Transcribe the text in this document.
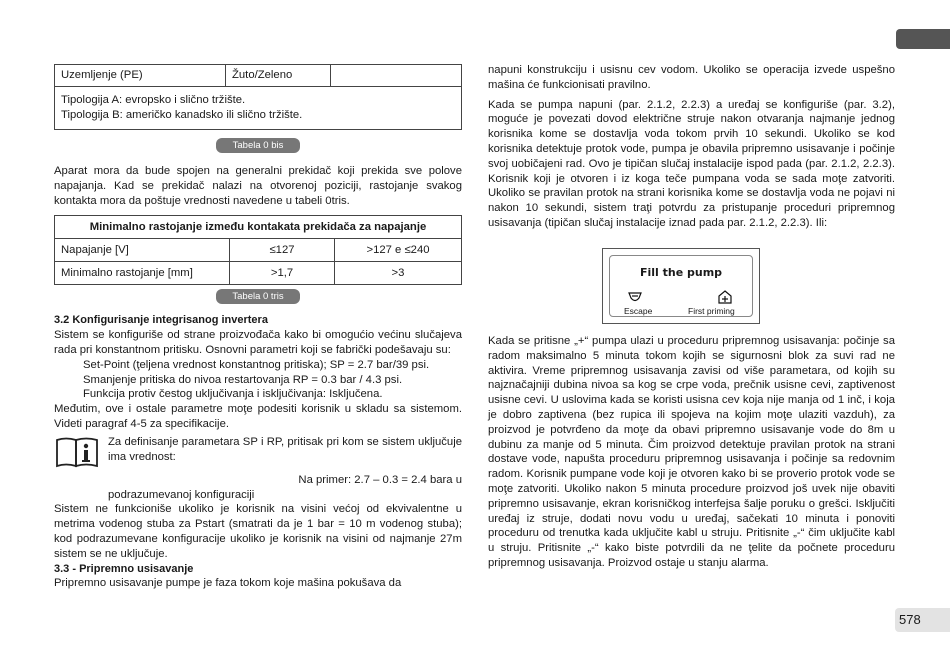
Uzemljenje (PE)	Žuto/Zeleno	
Tipologija A: evropsko i slično tržište.
Tipologija B: američko kanadsko ili slično tržište.
Tabela 0 bis

Aparat mora da bude spojen na generalni prekidač koji prekida sve polove napajanja. Kad se prekidač nalazi na otvorenoj poziciji, rastojanje svakog kontakta mora da poštuje vrednosti navedene u tabeli 0tris.

Minimalno rastojanje između kontakata prekidača za napajanje		
Napajanje [V]	≤127	>127 e ≤240
Minimalno rastojanje [mm]	>1,7	>3
Tabela 0 tris
3.2 Konfigurisanje integrisanog invertera

Sistem se konfiguriše od strane proizvođača kako bi omogućio većinu slučajeva rada pri konstantnom pritisku. Osnovni parametri koji se fabrički podešavaju su:

Set-Point (ţeljena vrednost konstantnog pritiska); SP = 2.7 bar/39 psi.
Smanjenje pritiska do nivoa restartovanja RP = 0.3 bar / 4.3 psi.
Funkcija protiv čestog uključivanja i isključivanja: Isključena.

Međutim, ove i ostale parametre moţe podesiti korisnik u skladu sa sistemom. Videti paragraf 4-5 za specifikacije.

Za definisanje parametara SP i RP, pritisak pri kom se sistem uključuje ima vrednost:

Na primer: 2.7 – 0.3 = 2.4 bara u

podrazumevanoj konfiguraciji

Sistem ne funkcioniše ukoliko je korisnik na visini većoj od ekvivalentne u metrima vodenog stuba za Pstart (smatrati da je 1 bar = 10 m vodenog stuba); kod podrazumevane konfiguracije ukoliko je korisnik na visini od najmanje 27m sistem se ne uključuje.

3.3 - Pripremno usisavanje

Pripremno usisavanje pumpe je faza tokom koje mašina pokušava da

napuni konstrukciju i usisnu cev vodom. Ukoliko se operacija izvede uspešno mašina će funkcionisati pravilno.

Kada se pumpa napuni (par. 2.1.2, 2.2.3) a uređaj se konfiguriše (par. 3.2), moguće je povezati dovod električne struje nakon otvaranja najmanje jednog korisnika kome se dostavlja voda tokom prvih 10 sekundi. Ukoliko se kod korisnika detektuje protok vode, pumpa je obavila pripremno usisavanje i počinje svoj uobičajeni rad. Ovo je tipičan slučaj instalacije ispod pada (par. 2.1.2, 2.2.3). Korisnik koji je otvoren i iz koga teče pumpana voda se sada moţe zatvoriti. Ukoliko se pravilan protok na strani korisnika kome se dostavlja voda ne pojavi ni nakon 10 sekundi, sistem traţi potvrdu za pristupanje proceduri pripremnog usisavanja (tipičan slučaj instalacije iznad pada par. 2.1.2, 2.2.3). Ili:

Fill the pump
Escape	First priming

Kada se pritisne „+“ pumpa ulazi u proceduru pripremnog usisavanja: počinje sa radom maksimalno 5 minuta tokom kojih se sigurnosni blok za suvi rad ne aktivira. Vreme pripremnog usisavanja zavisi od više parametara, od kojih su najznačajniji dubina nivoa sa kog se crpe voda, prečnik usisne cevi, zaptivenost usisne cevi. U uslovima kada se koristi usisna cev koja nije manja od 1 inč, i koja je dobro zaptivena (bez rupica ili spojeva na kojim moţe ulaziti vazduh), za proizvod je potvrđeno da moţe da obavi pripremno usisavanje vode do 8m u dubinu za manje od 5 minuta. Čim proizvod detektuje pravilan protok na strani dostave vode, napušta proceduru pripremnog usisavanja i počinje sa redovnim radom. Korisnik pumpane vode koji je otvoren kako bi se proverio protok vode se moţe zatvoriti. Ukoliko nakon 5 minuta procedure proizvod još uvek nije obaviti pripremno usisavanje, ekran korisničkog interfejsa šalje poruku o grešci. Isključiti uređaj iz struje, dodati novu vodu u uređaj, sačekati 10 minuta i ponoviti proceduru od trenutka kada uključite kabl u struju. Pritisnite „-“ čim uključite kabl u struju. Pritisnite „-“ kako biste potvrdili da ne ţelite da počnete proceduru pripremnog usisavanja. Proizvod ostaje u stanju alarma.

578
